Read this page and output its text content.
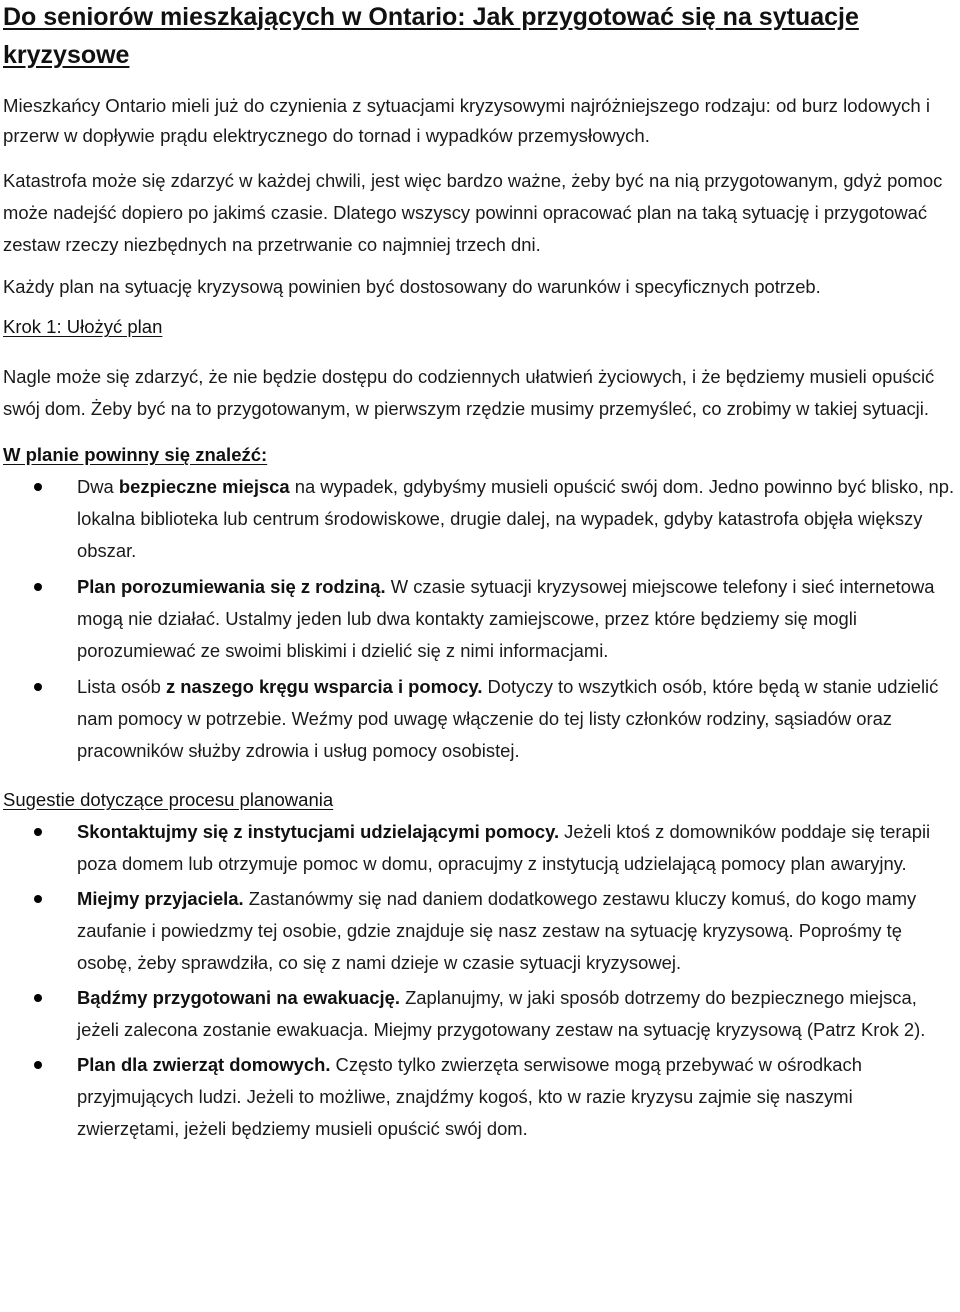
Do seniorów mieszkających w Ontario: Jak przygotować się na sytuacje kryzysowe

Mieszkańcy Ontario mieli już do czynienia z sytuacjami kryzysowymi najróżniejszego rodzaju: od burz lodowych i przerw w dopływie prądu elektrycznego do tornad i wypadków przemysłowych.

Katastrofa może się zdarzyć w każdej chwili, jest więc bardzo ważne, żeby być na nią przygotowanym, gdyż pomoc może nadejść dopiero po jakimś czasie. Dlatego wszyscy powinni opracować plan na taką sytuację i przygotować zestaw rzeczy niezbędnych na przetrwanie co najmniej trzech dni.

Każdy plan na sytuację kryzysową powinien być dostosowany do warunków i specyficznych potrzeb.

Krok 1: Ułożyć plan

Nagle może się zdarzyć, że nie będzie dostępu do codziennych ułatwień życiowych, i że będziemy musieli opuścić swój dom. Żeby być na to przygotowanym, w pierwszym rzędzie musimy przemyśleć, co zrobimy w takiej sytuacji.

W planie powinny się znaleźć:

Dwa bezpieczne miejsca na wypadek, gdybyśmy musieli opuścić swój dom. Jedno powinno być blisko, np. lokalna biblioteka lub centrum środowiskowe, drugie dalej, na wypadek, gdyby katastrofa objęła większy obszar.
Plan porozumiewania się z rodziną. W czasie sytuacji kryzysowej miejscowe telefony i sieć internetowa mogą nie działać. Ustalmy jeden lub dwa kontakty zamiejscowe, przez które będziemy się mogli porozumiewać ze swoimi bliskimi i dzielić się z nimi informacjami.
Lista osób z naszego kręgu wsparcia i pomocy. Dotyczy to wszytkich osób, które będą w stanie udzielić nam pomocy w potrzebie. Weźmy pod uwagę włączenie do tej listy członków rodziny, sąsiadów oraz pracowników służby zdrowia i usług pomocy osobistej.

Sugestie dotyczące procesu planowania

Skontaktujmy się z instytucjami udzielającymi pomocy. Jeżeli ktoś z domowników poddaje się terapii poza domem lub otrzymuje pomoc w domu, opracujmy z instytucją udzielającą pomocy plan awaryjny.
Miejmy przyjaciela. Zastanówmy się nad daniem dodatkowego zestawu kluczy komuś, do kogo mamy zaufanie i powiedzmy tej osobie, gdzie znajduje się nasz zestaw na sytuację kryzysową. Poprośmy tę osobę, żeby sprawdziła, co się z nami dzieje w czasie sytuacji kryzysowej.
Bądźmy przygotowani na ewakuację. Zaplanujmy, w jaki sposób dotrzemy do bezpiecznego miejsca, jeżeli zalecona zostanie ewakuacja. Miejmy przygotowany zestaw na sytuację kryzysową (Patrz Krok 2).
Plan dla zwierząt domowych. Często tylko zwierzęta serwisowe mogą przebywać w ośrodkach przyjmujących ludzi. Jeżeli to możliwe, znajdźmy kogoś, kto w razie kryzysu zajmie się naszymi zwierzętami, jeżeli będziemy musieli opuścić swój dom.
